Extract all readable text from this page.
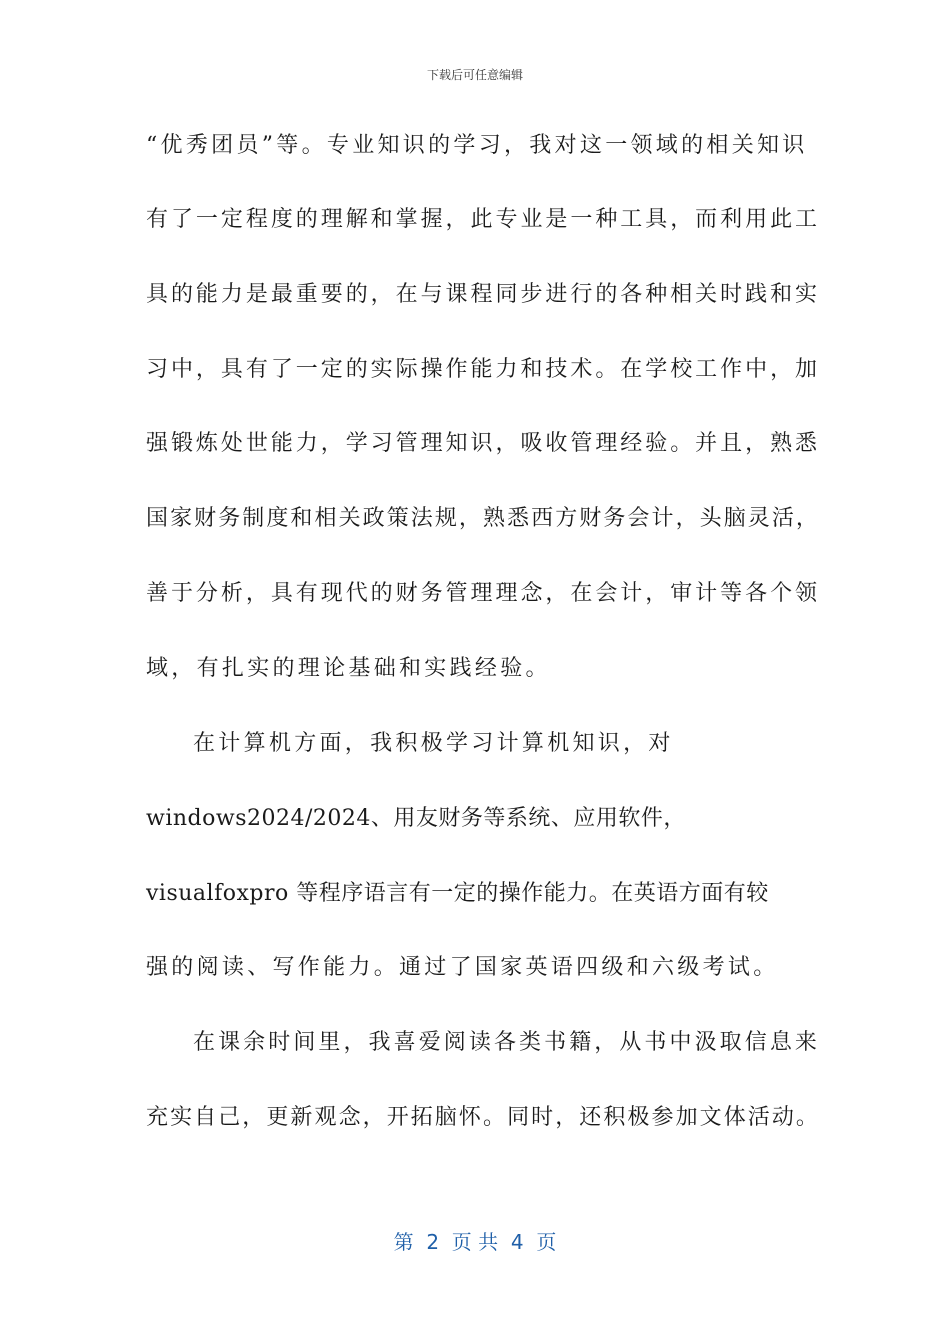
下载后可任意编辑
“优秀团员”等。专业知识的学习，我对这一领域的相关知识
有了一定程度的理解和掌握，此专业是一种工具，而利用此工
具的能力是最重要的，在与课程同步进行的各种相关时践和实
习中，具有了一定的实际操作能力和技术。在学校工作中，加
强锻炼处世能力，学习管理知识，吸收管理经验。并且，熟悉
国家财务制度和相关政策法规，熟悉西方财务会计，头脑灵活，
善于分析，具有现代的财务管理理念，在会计，审计等各个领
域，有扎实的理论基础和实践经验。
在计算机方面，我积极学习计算机知识，对
windows2024/2024、用友财务等系统、应用软件，
visualfoxpro 等程序语言有一定的操作能力。在英语方面有较
强的阅读、写作能力。通过了国家英语四级和六级考试。
在课余时间里，我喜爱阅读各类书籍，从书中汲取信息来
充实自己，更新观念，开拓脑怀。同时，还积极参加文体活动。
第  2  页 共  4  页
